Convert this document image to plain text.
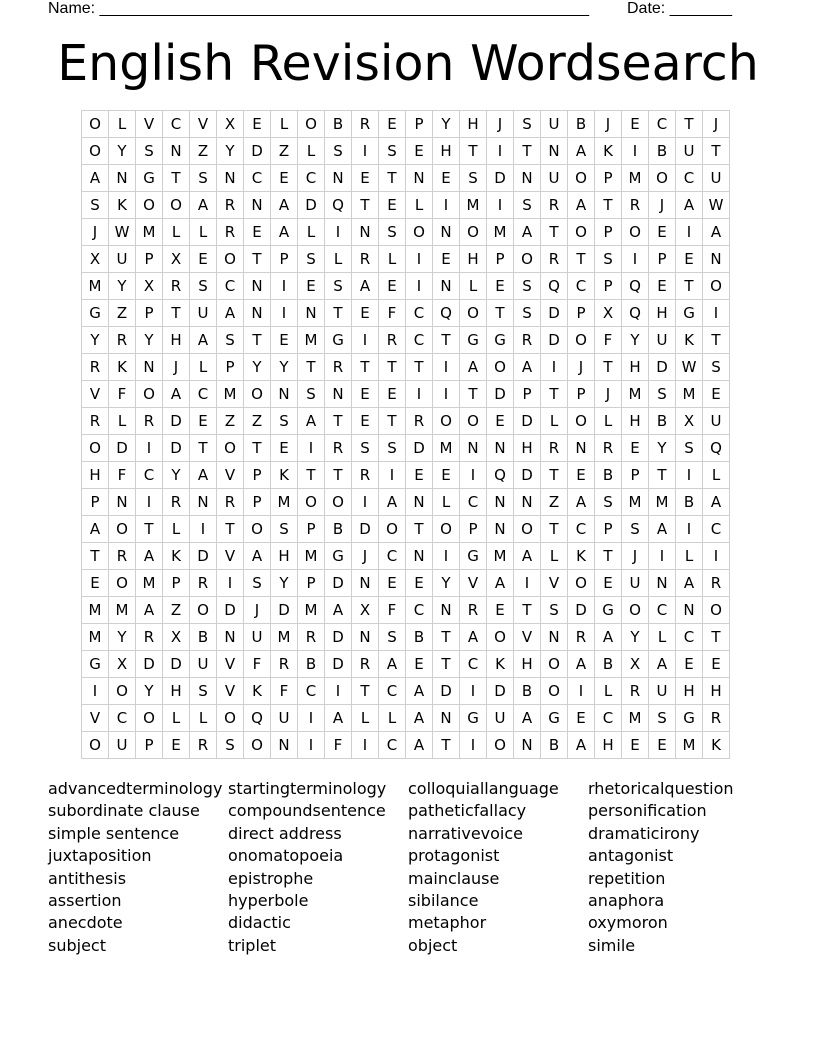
Name: _______________________________________________________ Date: _______
English Revision Wordsearch
O	L	V	C	V	X	E	L	O	B	R	E	P	Y	H	J	S	U	B	J	E	C	T	J
O	Y	S	N	Z	Y	D	Z	L	S	I	S	E	H	T	I	T	N	A	K	I	B	U	T
A	N	G	T	S	N	C	E	C	N	E	T	N	E	S	D	N	U	O	P	M O	C	U
S	K	O	O	A	R	N	A	D	Q	T	E	L	I	M	I	S	R	A	T	R	J	A W
J	W M	L	L	R	E	A	L	I	N	S	O	N	O M	A	T	O	P	O	E	I	A
X	U	P	X	E	O	T	P	S	L	R	L	I	E	H	P	O	R	T	S	I	P	E	N
M	Y	X	R	S	C	N	I	E	S	A	E	I	N	L	E	S	Q	C	P	Q	E	T	O
G	Z	P	T	U	A	N	I	N	T	E	F	C	Q	O	T	S	D	P	X	Q	H	G	I
Y	R	Y	H	A	S	T	E	M G	I	R	C	T	G	G	R	D	O	F	Y	U	K	T
R	K	N	J	L	P	Y	Y	T	R	T	T	T	I	A	O	A	I	J	T	H	D W S
V	F	O	A	C	M O	N	S	N	E	E	I	I	T	D	P	T	P	J	M	S	M	E
R	L	R	D	E	Z	Z	S	A	T	E	T	R	O	O	E	D	L	O	L	H	B	X	U
O	D	I	D	T	O	T	E	I	R	S	S	D M N	N	H	R	N	R	E	Y	S	Q
H	F	C	Y	A	V	P	K	T	T	R	I	E	E	I	Q	D	T	E	B	P	T	I	L
P	N	I	R	N	R	P	M O	O	I	A	N	L	C	N	N	Z	A	S	M M	B	A
A	O	T	L	I	T	O	S	P	B	D	O	T	O	P	N	O	T	C	P	S	A	I	C
T	R	A	K	D	V	A	H M G	J	C	N	I	G M	A	L	K	T	J	I	L	I
E	O M	P	R	I	S	Y	P	D	N	E	E	Y	V	A	I	V	O	E	U	N	A	R
M M	A	Z	O	D	J	D M	A	X	F	C	N	R	E	T	S	D	G	O	C	N	O
M	Y	R	X	B	N	U	M	R	D	N	S	B	T	A	O	V	N	R	A	Y	L	C	T
G	X	D	D	U	V	F	R	B	D	R	A	E	T	C	K	H	O	A	B	X	A	E	E
I	O	Y	H	S	V	K	F	C	I	T	C	A	D	I	D	B	O	I	L	R	U	H	H
V	C	O	L	L	O	Q	U	I	A	L	L	A	N	G	U	A	G	E	C	M	S	G	R
O	U	P	E	R	S	O	N	I	F	I	C	A	T	I	O	N	B	A	H	E	E	M	K
advancedterminology startingterminology	colloquiallanguage	rhetoricalquestion
subordinate clause	compoundsentence	patheticfallacy	personification
simple sentence	direct address	narrativevoice	dramaticirony
juxtaposition	onomatopoeia	protagonist	antagonist
antithesis	epistrophe	mainclause	repetition
assertion	hyperbole	sibilance	anaphora
anecdote	didactic	metaphor	oxymoron
subject	triplet	object	simile
